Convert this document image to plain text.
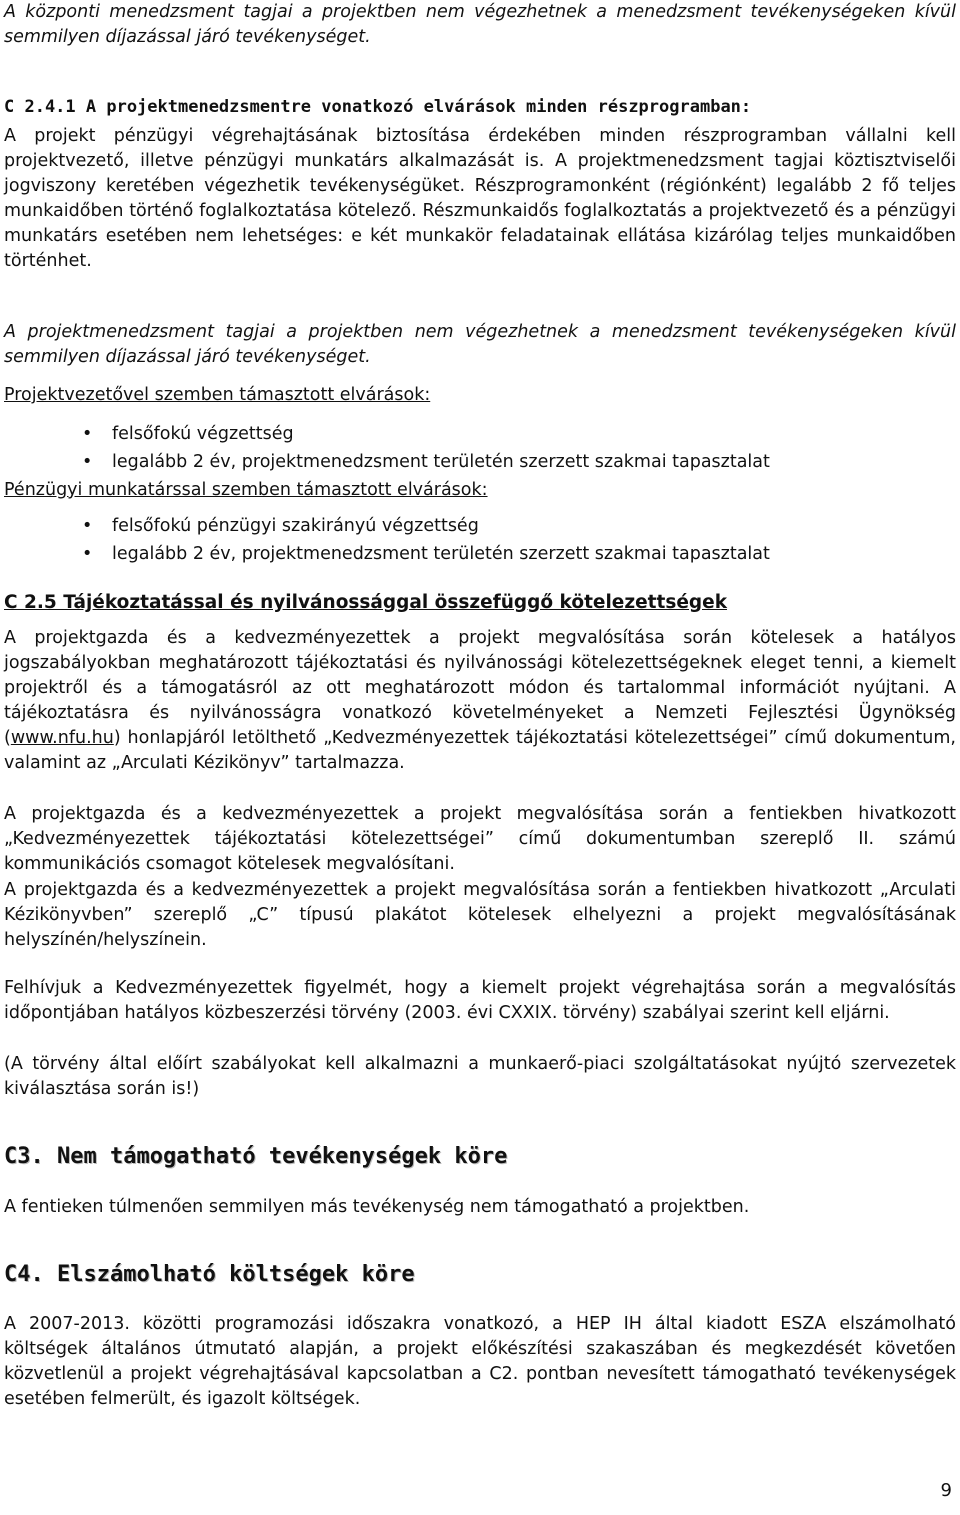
A központi menedzsment tagjai a projektben nem végezhetnek a menedzsment tevékenységeken kívül semmilyen díjazással járó tevékenységet.

C 2.4.1 A projektmenedzsmentre vonatkozó elvárások minden részprogramban:

A projekt pénzügyi végrehajtásának biztosítása érdekében minden részprogramban vállalni kell projektvezető, illetve pénzügyi munkatárs alkalmazását is. A projektmenedzsment tagjai köztisztviselői jogviszony keretében végezhetik tevékenységüket. Részprogramonként (régiónként) legalább 2 fő teljes munkaidőben történő foglalkoztatása kötelező. Részmunkaidős foglalkoztatás a projektvezető és a pénzügyi munkatárs esetében nem lehetséges: e két munkakör feladatainak ellátása kizárólag teljes munkaidőben történhet.

A projektmenedzsment tagjai a projektben nem végezhetnek a menedzsment tevékenységeken kívül semmilyen díjazással járó tevékenységet.

Projektvezetővel szemben támasztott elvárások:
• felsőfokú végzettség
• legalább 2 év, projektmenedzsment területén szerzett szakmai tapasztalat
Pénzügyi munkatárssal szemben támasztott elvárások:
• felsőfokú pénzügyi szakirányú végzettség
• legalább 2 év, projektmenedzsment területén szerzett szakmai tapasztalat
C 2.5 Tájékoztatással és nyilvánossággal összefüggő kötelezettségek

A projektgazda és a kedvezményezettek a projekt megvalósítása során kötelesek a hatályos jogszabályokban meghatározott tájékoztatási és nyilvánossági kötelezettségeknek eleget tenni, a kiemelt projektről és a támogatásról az ott meghatározott módon és tartalommal információt nyújtani. A tájékoztatásra és nyilvánosságra vonatkozó követelményeket a Nemzeti Fejlesztési Ügynökség (www.nfu.hu) honlapjáról letölthető „Kedvezményezettek tájékoztatási kötelezettségei” című dokumentum, valamint az „Arculati Kézikönyv” tartalmazza.

A projektgazda és a kedvezményezettek a projekt megvalósítása során a fentiekben hivatkozott „Kedvezményezettek tájékoztatási kötelezettségei” című dokumentumban szereplő II. számú kommunikációs csomagot kötelesek megvalósítani.

A projektgazda és a kedvezményezettek a projekt megvalósítása során a fentiekben hivatkozott „Arculati Kézikönyvben” szereplő „C” típusú plakátot kötelesek elhelyezni a projekt megvalósításának helyszínén/helyszínein.

Felhívjuk a Kedvezményezettek figyelmét, hogy a kiemelt projekt végrehajtása során a megvalósítás időpontjában hatályos közbeszerzési törvény (2003. évi CXXIX. törvény) szabályai szerint kell eljárni.

(A törvény által előírt szabályokat kell alkalmazni a munkaerő-piaci szolgáltatásokat nyújtó szervezetek kiválasztása során is!)

C3. Nem támogatható tevékenységek köre

A fentieken túlmenően semmilyen más tevékenység nem támogatható a projektben.

C4. Elszámolható költségek köre

A 2007-2013. közötti programozási időszakra vonatkozó, a HEP IH által kiadott ESZA elszámolható költségek általános útmutató alapján, a projekt előkészítési szakaszában és megkezdését követően közvetlenül a projekt végrehajtásával kapcsolatban a C2. pontban nevesített támogatható tevékenységek esetében felmerült, és igazolt költségek.

9
